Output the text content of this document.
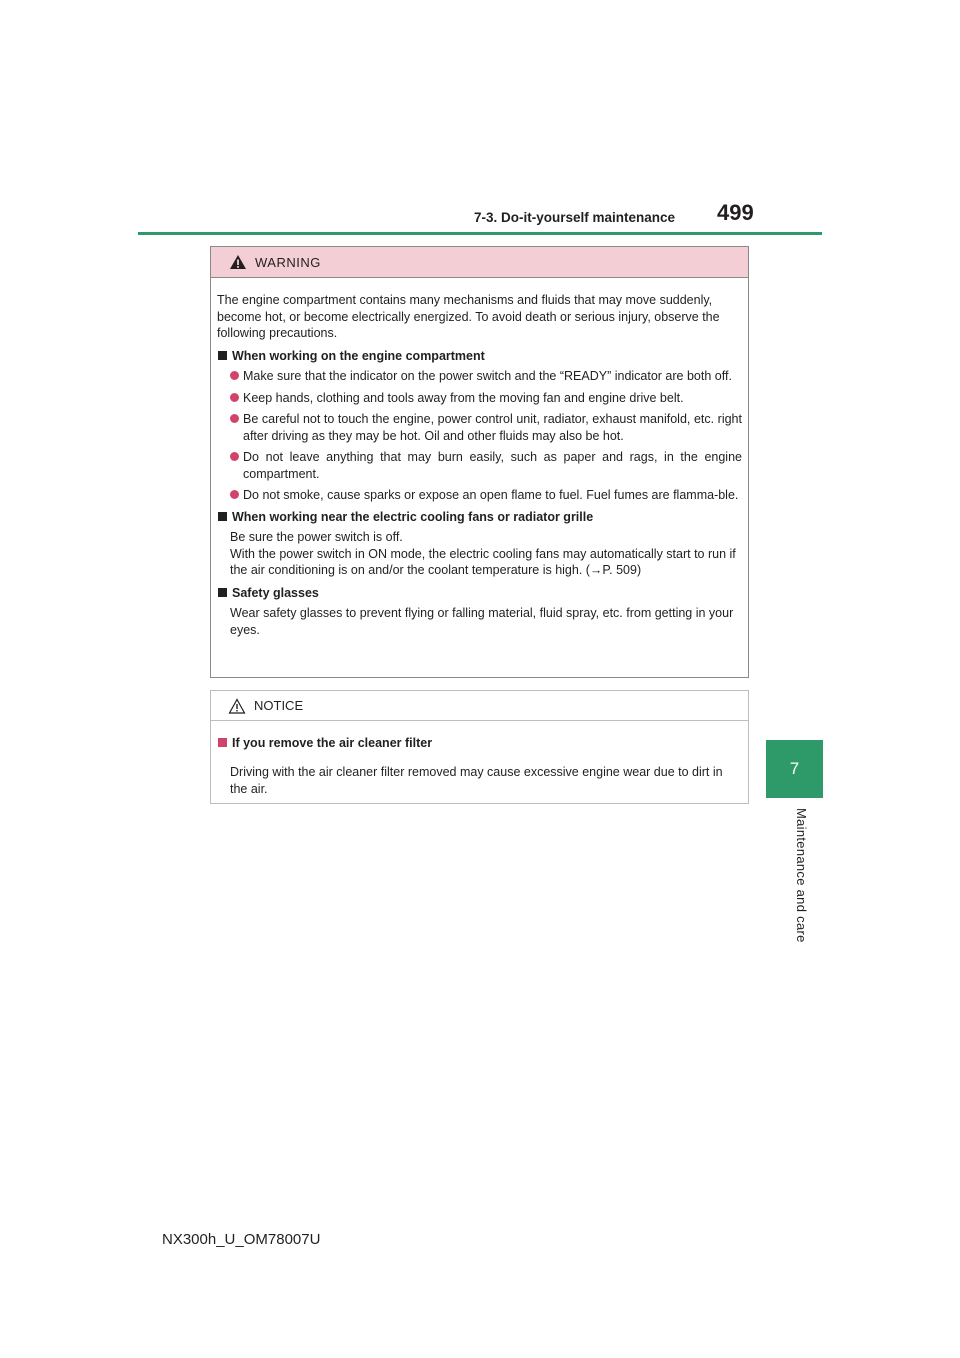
7-3. Do-it-yourself maintenance 499
7
Maintenance and care
WARNING

The engine compartment contains many mechanisms and fluids that may move suddenly, become hot, or become electrically energized. To avoid death or serious injury, observe the following precautions.

When working on the engine compartment
Make sure that the indicator on the power switch and the “READY” indicator are both off.
Keep hands, clothing and tools away from the moving fan and engine drive belt.
Be careful not to touch the engine, power control unit, radiator, exhaust manifold, etc. right after driving as they may be hot. Oil and other fluids may also be hot.
Do not leave anything that may burn easily, such as paper and rags, in the engine compartment.
Do not smoke, cause sparks or expose an open flame to fuel. Fuel fumes are flamma-ble.
When working near the electric cooling fans or radiator grille

Be sure the power switch is off.
With the power switch in ON mode, the electric cooling fans may automatically start to run if the air conditioning is on and/or the coolant temperature is high. (→P. 509)

Safety glasses

Wear safety glasses to prevent flying or falling material, fluid spray, etc. from getting in your eyes.

NOTICE
If you remove the air cleaner filter

Driving with the air cleaner filter removed may cause excessive engine wear due to dirt in the air.

NX300h_U_OM78007U
